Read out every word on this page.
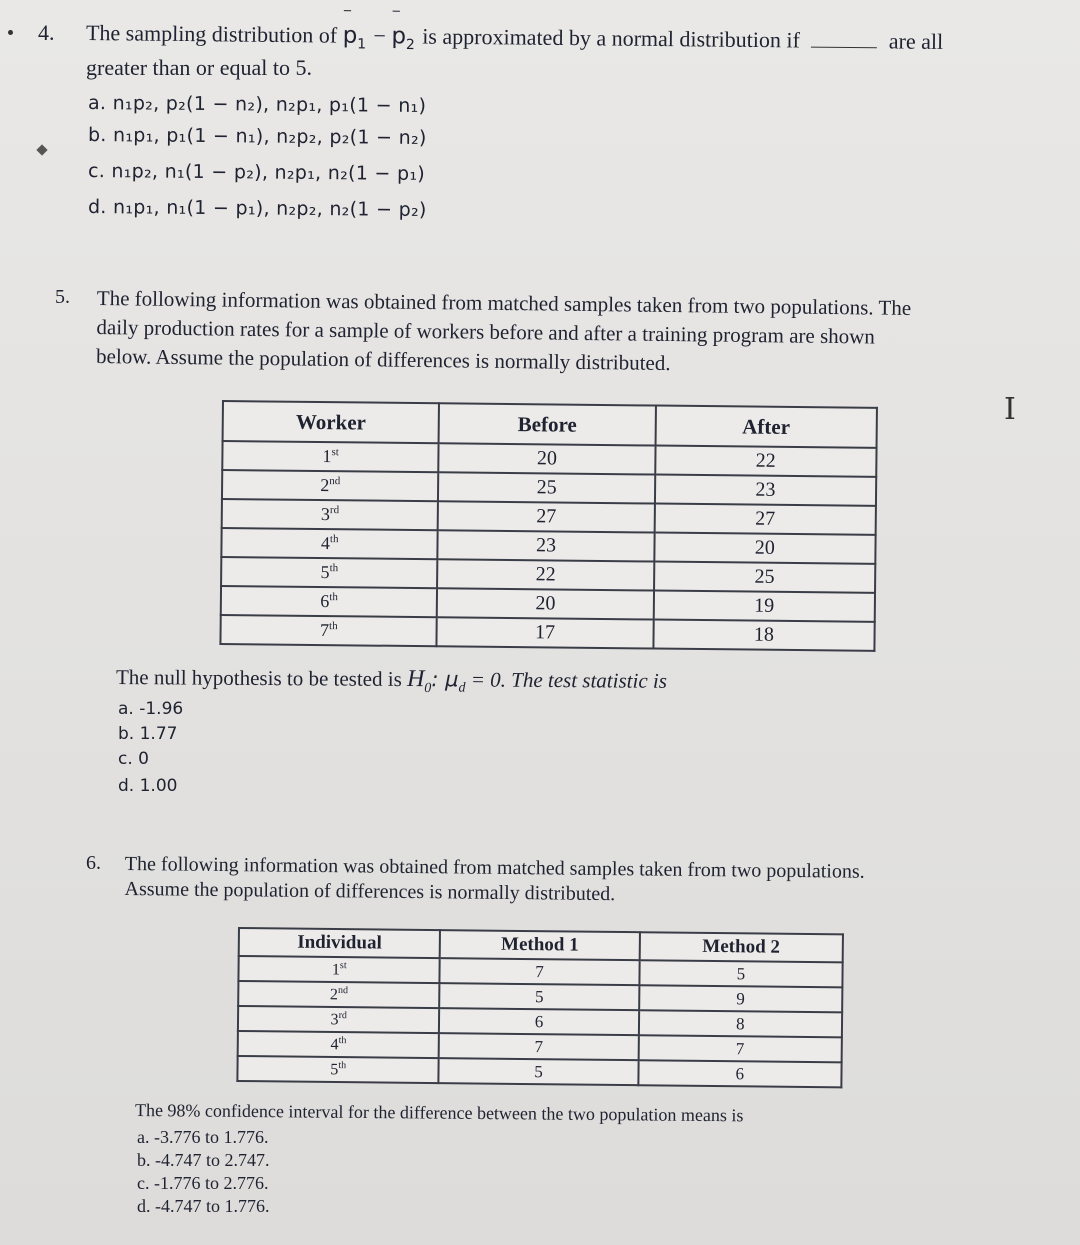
4. The sampling distribution of
‾
$p_1$ −
‾
$p_2$ is approximated by a normal distribution if	are all
greater than or equal to 5.
a. n₁p₂, p₂(1 − n₂), n₂p₁, p₁(1 − n₁)
b. n₁p₁, p₁(1 − n₁), n₂p₂, p₂(1 − n₂)
c. n₁p₂, n₁(1 − p₂), n₂p₁, n₂(1 − p₁)
d. n₁p₁, n₁(1 − p₁), n₂p₂, n₂(1 − p₂)
5. The following information was obtained from matched samples taken from two populations. The
daily production rates for a sample of workers before and after a training program are shown
below. Assume the population of differences is normally distributed.
I
Worker	Before	After
1st	20	22
2nd	25	23
3rd	27	27
4th	23	20
5th	22	25
6th	20	19
7th	17	18
The null hypothesis to be tested is $H_0$: $\mu_d = 0$. The test statistic is
a. -1.96
b. 1.77
c. 0
d. 1.00
6. The following information was obtained from matched samples taken from two populations.
Assume the population of differences is normally distributed.
Individual	Method 1	Method 2
1st	7	5
2nd	5	9
3rd	6	8
4th	7	7
5th	5	6
The 98% confidence interval for the difference between the two population means is
a. -3.776 to 1.776.
b. -4.747 to 2.747.
c. -1.776 to 2.776.
d. -4.747 to 1.776.
